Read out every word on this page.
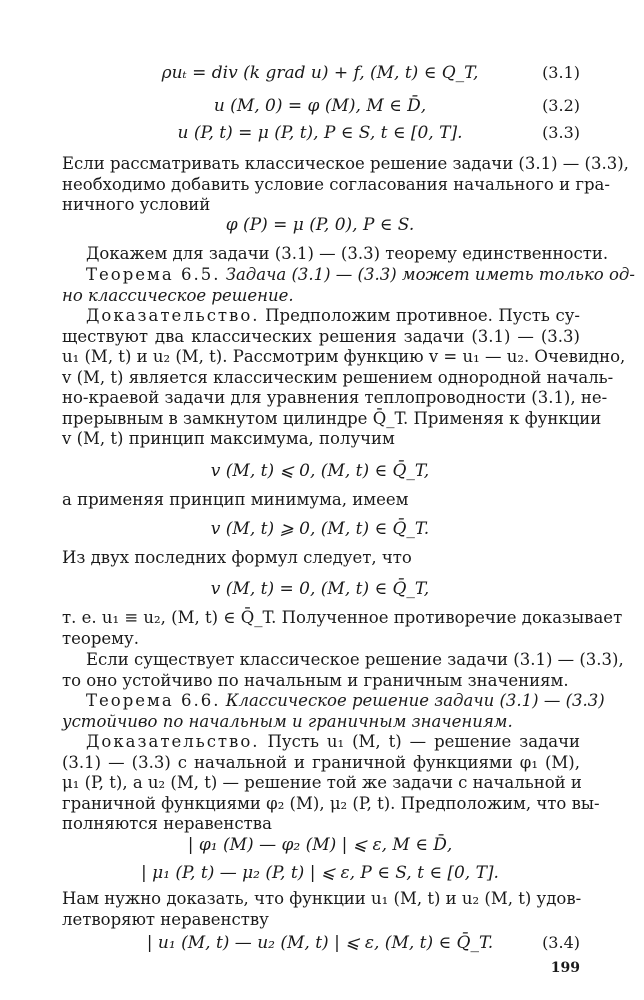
ρuₜ = div (k grad u) + f, (M, t) ∈ Q_T,	(3.1)
u (M, 0) = φ (M), M ∈ D̄,	(3.2)
u (P, t) = μ (P, t), P ∈ S, t ∈ [0, T].	(3.3)
Если рассматривать классическое решение задачи (3.1) — (3.3),
необходимо добавить условие согласования начального и гра-
ничного условий
φ (P) = μ (P, 0), P ∈ S.
Докажем для задачи (3.1) — (3.3) теорему единственности.
Теорема 6.5. Задача (3.1) — (3.3) может иметь только од-
но классическое решение.
Доказательство. Предположим противное. Пусть су-
ществуют два классических решения задачи (3.1) — (3.3)
u₁ (M, t) и u₂ (M, t). Рассмотрим функцию v = u₁ — u₂. Очевидно,
v (M, t) является классическим решением однородной началь-
но-краевой задачи для уравнения теплопроводности (3.1), не-
прерывным в замкнутом цилиндре Q̄_T. Применяя к функции
v (M, t) принцип максимума, получим
v (M, t) ⩽ 0, (M, t) ∈ Q̄_T,
а применяя принцип минимума, имеем
v (M, t) ⩾ 0, (M, t) ∈ Q̄_T.
Из двух последних формул следует, что
v (M, t) = 0, (M, t) ∈ Q̄_T,
т. е. u₁ ≡ u₂, (M, t) ∈ Q̄_T. Полученное противоречие доказывает
теорему.
Если существует классическое решение задачи (3.1) — (3.3),
то оно устойчиво по начальным и граничным значениям.
Теорема 6.6. Классическое решение задачи (3.1) — (3.3)
устойчиво по начальным и граничным значениям.
Доказательство. Пусть u₁ (M, t) — решение задачи
(3.1) — (3.3) с начальной и граничной функциями φ₁ (M),
μ₁ (P, t), а u₂ (M, t) — решение той же задачи с начальной и
граничной функциями φ₂ (M), μ₂ (P, t). Предположим, что вы-
полняются неравенства
| φ₁ (M) — φ₂ (M) | ⩽ ε, M ∈ D̄,
| μ₁ (P, t) — μ₂ (P, t) | ⩽ ε, P ∈ S, t ∈ [0, T].
Нам нужно доказать, что функции u₁ (M, t) и u₂ (M, t) удов-
летворяют неравенству
| u₁ (M, t) — u₂ (M, t) | ⩽ ε, (M, t) ∈ Q̄_T.	(3.4)
199
